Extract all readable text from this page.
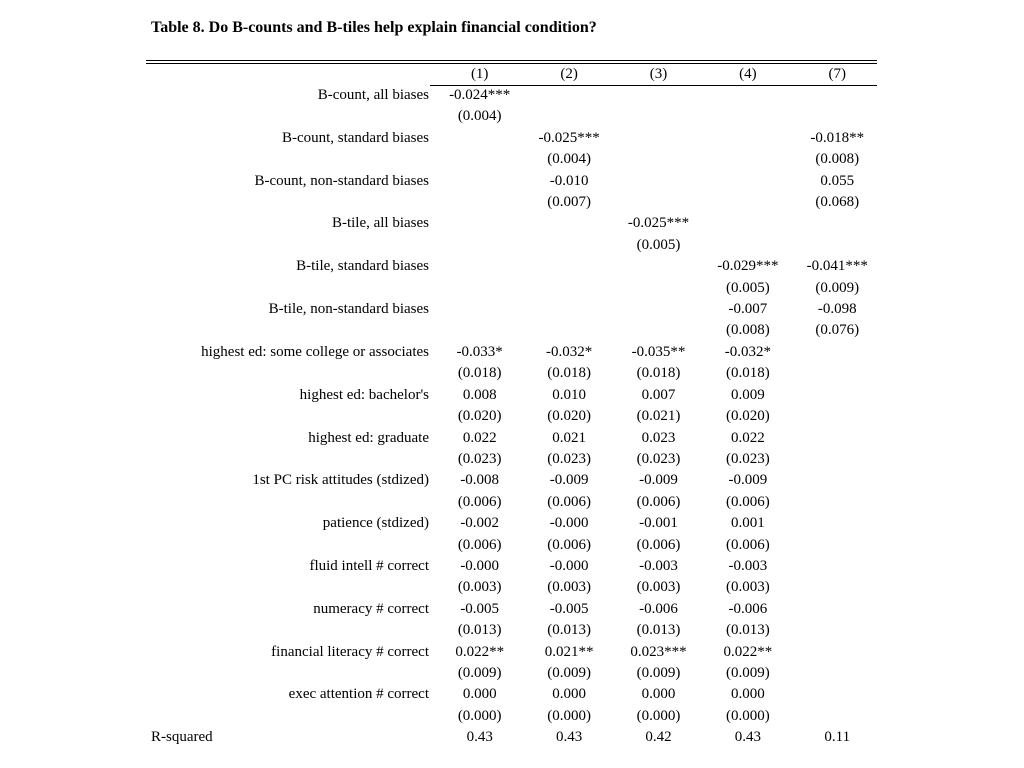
Table 8. Do B-counts and B-tiles help explain financial condition?
	(1)	(2)	(3)	(4)	(7)
B-count, all biases	-0.024***				
	(0.004)				
B-count, standard biases		-0.025***			-0.018**
		(0.004)			(0.008)
B-count, non-standard biases		-0.010			0.055
		(0.007)			(0.068)
B-tile, all biases			-0.025***		
			(0.005)		
B-tile, standard biases				-0.029***	-0.041***
				(0.005)	(0.009)
B-tile, non-standard biases				-0.007	-0.098
				(0.008)	(0.076)
highest ed: some college or associates	-0.033*	-0.032*	-0.035**	-0.032*	
	(0.018)	(0.018)	(0.018)	(0.018)	
highest ed: bachelor's	0.008	0.010	0.007	0.009	
	(0.020)	(0.020)	(0.021)	(0.020)	
highest ed: graduate	0.022	0.021	0.023	0.022	
	(0.023)	(0.023)	(0.023)	(0.023)	
1st PC risk attitudes (stdized)	-0.008	-0.009	-0.009	-0.009	
	(0.006)	(0.006)	(0.006)	(0.006)	
patience (stdized)	-0.002	-0.000	-0.001	0.001	
	(0.006)	(0.006)	(0.006)	(0.006)	
fluid intell # correct	-0.000	-0.000	-0.003	-0.003	
	(0.003)	(0.003)	(0.003)	(0.003)	
numeracy # correct	-0.005	-0.005	-0.006	-0.006	
	(0.013)	(0.013)	(0.013)	(0.013)	
financial literacy # correct	0.022**	0.021**	0.023***	0.022**	
	(0.009)	(0.009)	(0.009)	(0.009)	
exec attention # correct	0.000	0.000	0.000	0.000	
	(0.000)	(0.000)	(0.000)	(0.000)	
R-squared	0.43	0.43	0.42	0.43	0.11
